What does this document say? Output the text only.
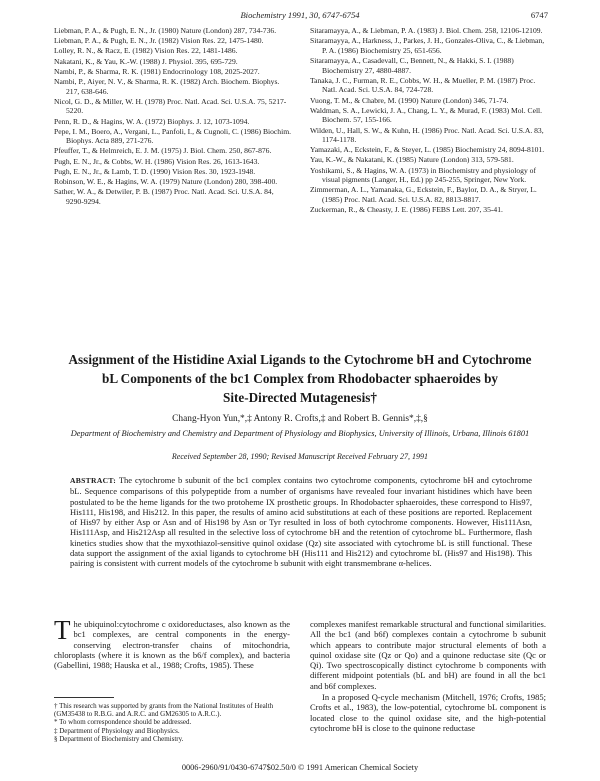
Biochemistry 1991, 30, 6747-6754	6747
Liebman, P. A., & Pugh, E. N., Jr. (1980) Nature (London) 287, 734-736.
Liebman, P. A., & Pugh, E. N., Jr. (1982) Vision Res. 22, 1475-1480.
Lolley, R. N., & Racz, E. (1982) Vision Res. 22, 1481-1486.
Nakatani, K., & Yau, K.-W. (1988) J. Physiol. 395, 695-729.
Nambi, P., & Sharma, R. K. (1981) Endocrinology 108, 2025-2027.
Nambi, P., Aiyer, N. V., & Sharma, R. K. (1982) Arch. Biochem. Biophys. 217, 638-646.
Nicol, G. D., & Miller, W. H. (1978) Proc. Natl. Acad. Sci. U.S.A. 75, 5217-5220.
Penn, R. D., & Hagins, W. A. (1972) Biophys. J. 12, 1073-1094.
Pepe, I. M., Boero, A., Vergani, L., Panfoli, I., & Cugnoli, C. (1986) Biochim. Biophys. Acta 889, 271-276.
Pfeuffer, T., & Helmreich, E. J. M. (1975) J. Biol. Chem. 250, 867-876.
Pugh, E. N., Jr., & Cobbs, W. H. (1986) Vision Res. 26, 1613-1643.
Pugh, E. N., Jr., & Lamb, T. D. (1990) Vision Res. 30, 1923-1948.
Robinson, W. E., & Hagins, W. A. (1979) Nature (London) 280, 398-400.
Sather, W. A., & Detwiler, P. B. (1987) Proc. Natl. Acad. Sci. U.S.A. 84, 9290-9294.
Sitaramayya, A., & Liebman, P. A. (1983) J. Biol. Chem. 258, 12106-12109.
Sitaramayya, A., Harkness, J., Parkes, J. H., Gonzales-Oliva, C., & Liebman, P. A. (1986) Biochemistry 25, 651-656.
Sitaramayya, A., Casadevall, C., Bennett, N., & Hakki, S. I. (1988) Biochemistry 27, 4880-4887.
Tanaka, J. C., Furman, R. E., Cobbs, W. H., & Mueller, P. M. (1987) Proc. Natl. Acad. Sci. U.S.A. 84, 724-728.
Vuong, T. M., & Chabre, M. (1990) Nature (London) 346, 71-74.
Waldman, S. A., Lewicki, J. A., Chang, L. Y., & Murad, F. (1983) Mol. Cell. Biochem. 57, 155-166.
Wilden, U., Hall, S. W., & Kuhn, H. (1986) Proc. Natl. Acad. Sci. U.S.A. 83, 1174-1178.
Yamazaki, A., Eckstein, F., & Steyer, L. (1985) Biochemistry 24, 8094-8101.
Yau, K.-W., & Nakatani, K. (1985) Nature (London) 313, 579-581.
Yoshikami, S., & Hagins, W. A. (1973) in Biochemistry and physiology of visual pigments (Langer, H., Ed.) pp 245-255, Springer, New York.
Zimmerman, A. L., Yamanaka, G., Eckstein, F., Baylor, D. A., & Stryer, L. (1985) Proc. Natl. Acad. Sci. U.S.A. 82, 8813-8817.
Zuckerman, R., & Cheasty, J. E. (1986) FEBS Lett. 207, 35-41.
Assignment of the Histidine Axial Ligands to the Cytochrome bH and Cytochrome
bL Components of the bc1 Complex from Rhodobacter sphaeroides by
Site-Directed Mutagenesis†
Chang-Hyon Yun,*,‡ Antony R. Crofts,‡ and Robert B. Gennis*,‡,§
Department of Biochemistry and Chemistry and Department of Physiology and Biophysics, University of Illinois, Urbana, Illinois 61801
Received September 28, 1990; Revised Manuscript Received February 27, 1991
ABSTRACT: The cytochrome b subunit of the bc1 complex contains two cytochrome components, cytochrome bH and cytochrome bL. Sequence comparisons of this polypeptide from a number of organisms have revealed four invariant histidines which have been postulated to be the heme ligands for the two protoheme IX prosthetic groups. In Rhodobacter sphaeroides, these correspond to His97, His111, His198, and His212. In this paper, the results of amino acid substitutions at each of these positions are reported. Replacement of His97 by either Asp or Asn and of His198 by Asn or Tyr resulted in loss of both cytochrome components. However, His111Asn, His111Asp, and His212Asp all resulted in the selective loss of cytochrome bH and the retention of cytochrome bL. Furthermore, flash kinetics studies show that the myxothiazol-sensitive quinol oxidase (Qz) site associated with cytochrome bL is still functional. These data support the assignment of the axial ligands to cytochrome bH (His111 and His212) and cytochrome bL (His97 and His198). This pairing is consistent with current models of the cytochrome b subunit with eight transmembrane α-helices.

The ubiquinol:cytochrome c oxidoreductases, also known as the bc1 complexes, are central components in the energy-conserving electron-transfer chains of mitochondria, chloroplasts (where it is known as the b6/f complex), and bacteria (Gabellini, 1988; Hauska et al., 1988; Crofts, 1985). These

complexes manifest remarkable structural and functional similarities. All the bc1 (and b6f) complexes contain a cytochrome b subunit which appears to contribute major structural elements of both a quinol oxidase site (Qz or Qo) and a quinone reductase site (Qc or Qi). Two spectroscopically distinct cytochrome b components with different midpoint potentials (bL and bH) are found in all the bc1 and b6f complexes.

In a proposed Q-cycle mechanism (Mitchell, 1976; Crofts, 1985; Crofts et al., 1983), the low-potential, cytochrome bL component is located close to the quinol oxidase site, and the high-potential cytochrome bH is close to the quinone reductase

† This research was supported by grants from the National Institutes of Health (GM35438 to R.B.G. and A.R.C. and GM26305 to A.R.C.).
* To whom correspondence should be addressed.
‡ Department of Physiology and Biophysics.
§ Department of Biochemistry and Chemistry.
0006-2960/91/0430-6747$02.50/0 © 1991 American Chemical Society
